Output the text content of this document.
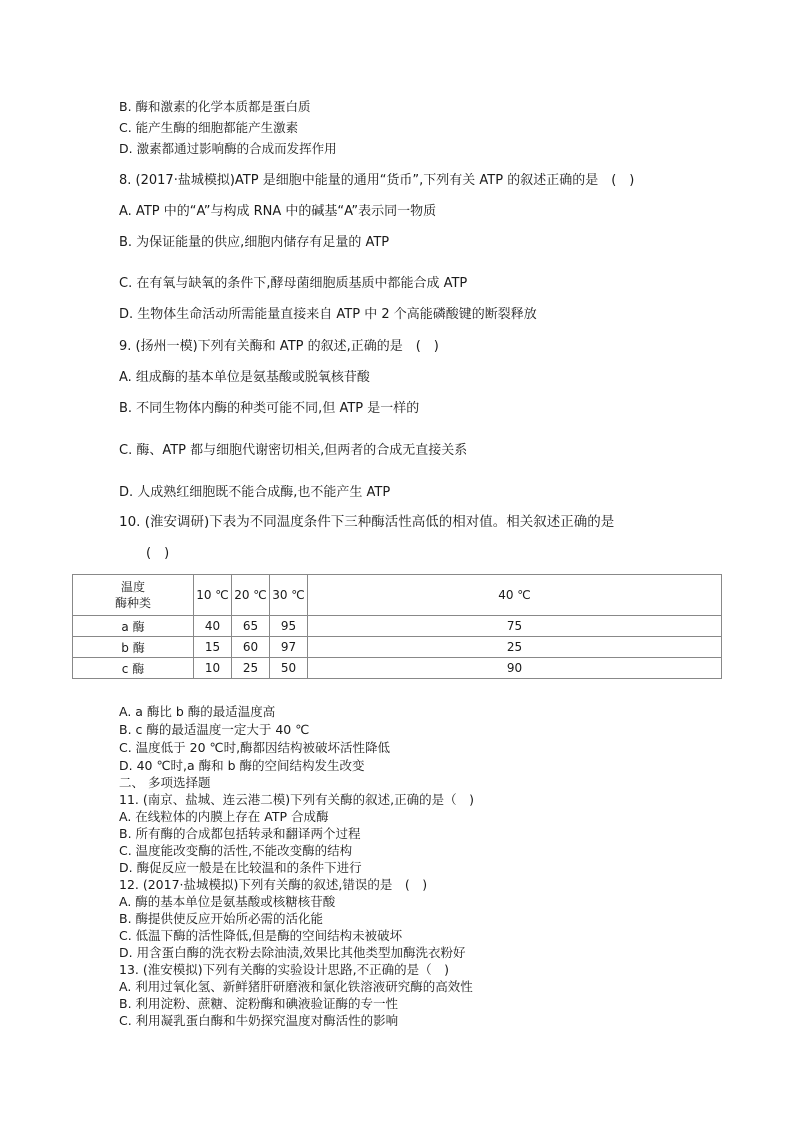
B. 酶和激素的化学本质都是蛋白质
C. 能产生酶的细胞都能产生激素
D. 激素都通过影响酶的合成而发挥作用
8. (2017·盐城模拟)ATP 是细胞中能量的通用“货币”,下列有关 ATP 的叙述正确的是　(　)
A. ATP 中的“A”与构成 RNA 中的碱基“A”表示同一物质
B. 为保证能量的供应,细胞内储存有足量的 ATP
C. 在有氧与缺氧的条件下,酵母菌细胞质基质中都能合成 ATP
D. 生物体生命活动所需能量直接来自 ATP 中 2 个高能磷酸键的断裂释放
9. (扬州一模)下列有关酶和 ATP 的叙述,正确的是　(　)
A. 组成酶的基本单位是氨基酸或脱氧核苷酸
B. 不同生物体内酶的种类可能不同,但 ATP 是一样的
C. 酶、ATP 都与细胞代谢密切相关,但两者的合成无直接关系
D. 人成熟红细胞既不能合成酶,也不能产生 ATP
10. (淮安调研)下表为不同温度条件下三种酶活性高低的相对值。相关叙述正确的是
(　)
温度
酶种类	10 ℃	20 ℃	30 ℃	40 ℃
a 酶	40	65	95	75
b 酶	15	60	97	25
c 酶	10	25	50	90
A. a 酶比 b 酶的最适温度高
B. c 酶的最适温度一定大于 40 ℃
C. 温度低于 20 ℃时,酶都因结构被破坏活性降低
D. 40 ℃时,a 酶和 b 酶的空间结构发生改变
二、 多项选择题
11. (南京、盐城、连云港二模)下列有关酶的叙述,正确的是（　)
A. 在线粒体的内膜上存在 ATP 合成酶
B. 所有酶的合成都包括转录和翻译两个过程
C. 温度能改变酶的活性,不能改变酶的结构
D. 酶促反应一般是在比较温和的条件下进行
12. (2017·盐城模拟)下列有关酶的叙述,错误的是　(　)
A. 酶的基本单位是氨基酸或核糖核苷酸
B. 酶提供使反应开始所必需的活化能
C. 低温下酶的活性降低,但是酶的空间结构未被破坏
D. 用含蛋白酶的洗衣粉去除油渍,效果比其他类型加酶洗衣粉好
13. (淮安模拟)下列有关酶的实验设计思路,不正确的是（　)
A. 利用过氧化氢、新鲜猪肝研磨液和氯化铁溶液研究酶的高效性
B. 利用淀粉、蔗糖、淀粉酶和碘液验证酶的专一性
C. 利用凝乳蛋白酶和牛奶探究温度对酶活性的影响
